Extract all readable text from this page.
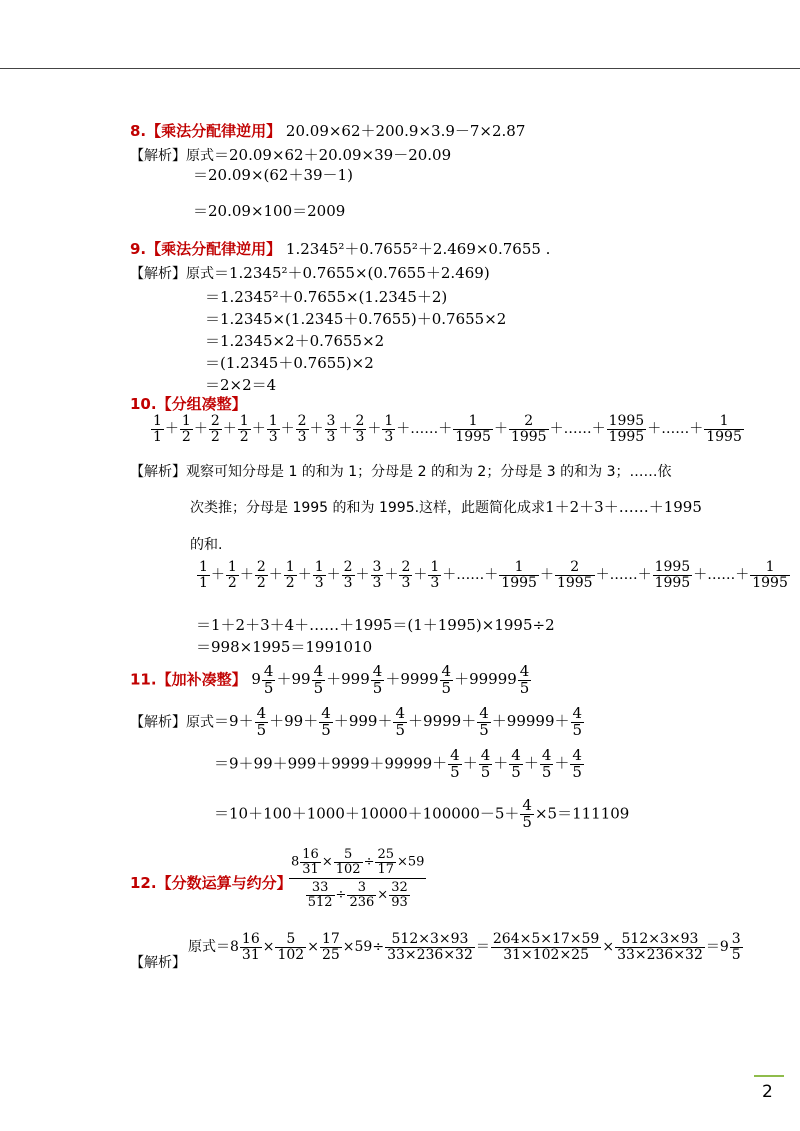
8.【乘法分配律逆用】 20.09×62＋200.9×3.9－7×2.87
【解析】原式＝20.09×62＋20.09×39－20.09
＝20.09×(62＋39－1)
＝20.09×100＝2009
9.【乘法分配律逆用】 1.2345²＋0.7655²＋2.469×0.7655 .
【解析】原式＝1.2345²＋0.7655×(0.7655＋2.469)
＝1.2345²＋0.7655×(1.2345＋2)
＝1.2345×(1.2345＋0.7655)＋0.7655×2
＝1.2345×2＋0.7655×2
＝(1.2345＋0.7655)×2
＝2×2＝4
10.【分组凑整】
$\frac{1}{1} + \frac{1}{2} + \frac{2}{2} + \frac{1}{2} + \frac{1}{3} + \frac{2}{3} + \frac{3}{3} + \frac{2}{3} + \frac{1}{3}$ ＋……＋ $\frac{1}{1995} + \frac{2}{1995}$ ＋……＋ $\frac{1995}{1995}$ ＋……＋ $\frac{1}{1995}$
【解析】观察可知分母是 1 的和为 1；分母是 2 的和为 2；分母是 3 的和为 3；……依
次类推；分母是 1995 的和为 1995.这样，此题简化成求1＋2＋3＋……＋1995
的和.
$\frac{1}{1} + \frac{1}{2} + \frac{2}{2} + \frac{1}{2} + \frac{1}{3} + \frac{2}{3} + \frac{3}{3} + \frac{2}{3} + \frac{1}{3}$ ＋……＋ $\frac{1}{1995} + \frac{2}{1995}$ ＋……＋ $\frac{1995}{1995}$ ＋……＋ $\frac{1}{1995}$
＝1＋2＋3＋4＋……＋1995＝(1＋1995)×1995÷2
＝998×1995＝1991010
11.【加补凑整】 $9 \frac{4}{5} +99 \frac{4}{5} +999 \frac{4}{5} +9999 \frac{4}{5} +99999 \frac{4}{5}$
【解析】原式$=9+ \frac{4}{5} +99+ \frac{4}{5} +999+ \frac{4}{5} +9999+ \frac{4}{5} +99999+ \frac{4}{5}$
$=9+99+999+9999+99999+ \frac{4}{5} + \frac{4}{5} + \frac{4}{5} + \frac{4}{5} + \frac{4}{5}$
$=10+100+1000+10000+100000-5+ \frac{4}{5} \times 5=111109$
12.【分数运算与约分】
$8 \frac{16}{31} \times \frac{5}{102} \div \frac{25}{17} \times 59$
$\frac{33}{512} \div \frac{3}{236} \times \frac{32}{93}$
原式$=8 \frac{16}{31} \times \frac{5}{102} \times \frac{17}{25} \times 59\div \frac{512\times 3\times 93}{33\times 236\times 32} = \frac{264\times 5\times 17\times 59}{31\times 102\times 25} \times \frac{512\times 3\times 93}{33\times 236\times 32} =9 \frac{3}{5}$
【解析】
2
